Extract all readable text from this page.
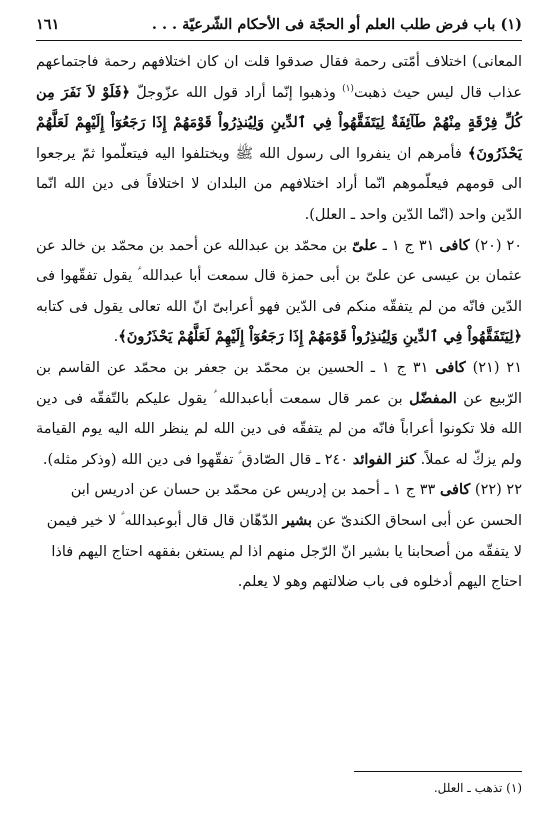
(١) باب فرض طلب العلم أو الحجّة فى الأحكام الشّرعيّة . . .
١٦١

المعانى) اختلاف أمّتى رحمة فقال صدقوا قلت ان كان اختلافهم رحمة فاجتماعهم عذاب قال ليس حيث ذهبت$^{(١)}$ وذهبوا إنّما أراد قول الله عزّوجلّ ﴿فَلَوْ لاَ نَفَرَ مِن كُلِّ فِرْقَةٍ مِنْهُمْ طَآئِفَةٌ لِيَتَفَقَّهُواْ فِي ٱلدِّينِ وَلِيُنذِرُواْ قَوْمَهُمْ إِذَا رَجَعُوٓاْ إِلَيْهِمْ لَعَلَّهُمْ يَحْذَرُونَ﴾ فأمرهم ان ينفروا الى رسول الله ﷺ ويختلفوا اليه فيتعلّموا ثمّ يرجعوا الى قومهم فيعلّموهم انّما أراد اختلافهم من البلدان لا اختلافاً فى دين الله انّما الدّين واحد (انّما الدّين واحد ـ العلل).

٢٠ (٢٠) كافى ٣١ ج ١ ـ علىّ بن محمّد بن عبدالله عن أحمد بن محمّد بن خالد عن عثمان بن عيسى عن علىّ بن أبى حمزة قال سمعت أبا عبدالله ؑ يقول تفقّهوا فى الدّين فانّه من لم يتفقّه منكم فى الدّين فهو أعرابىّ انّ الله تعالى يقول فى كتابه ﴿لِيَتَفَقَّهُواْ فِي ٱلدِّينِ وَلِيُنذِرُواْ قَوْمَهُمْ إِذَا رَجَعُوٓاْ إِلَيْهِمْ لَعَلَّهُمْ يَحْذَرُونَ﴾.

٢١ (٢١) كافى ٣١ ج ١ ـ الحسين بن محمّد بن جعفر بن محمّد عن القاسم بن الرّبيع عن المفضّل بن عمر قال سمعت أباعبدالله ؑ يقول عليكم بالتّفقّه فى دين الله فلا تكونوا أعراباً فانّه من لم يتفقّه فى دين الله لم ينظر الله اليه يوم القيامة ولم يزكّ له عملاً. كنز الفوائد ٢٤٠ ـ قال الصّادق ؑ تفقّهوا فى دين الله (وذكر مثله).

٢٢ (٢٢) كافى ٣٣ ج ١ ـ أحمد بن إدريس عن محمّد بن حسان عن ادريس ابن الحسن عن أبى اسحاق الكندىّ عن بشير الدّهّان قال قال أبوعبدالله ؑ لا خير فيمن لا يتفقّه من أصحابنا يا بشير انّ الرّجل منهم اذا لم يستغن بفقهه احتاج اليهم فاذا احتاج اليهم أدخلوه فى باب ضلالتهم وهو لا يعلم.

(١) تذهب ـ العلل.
